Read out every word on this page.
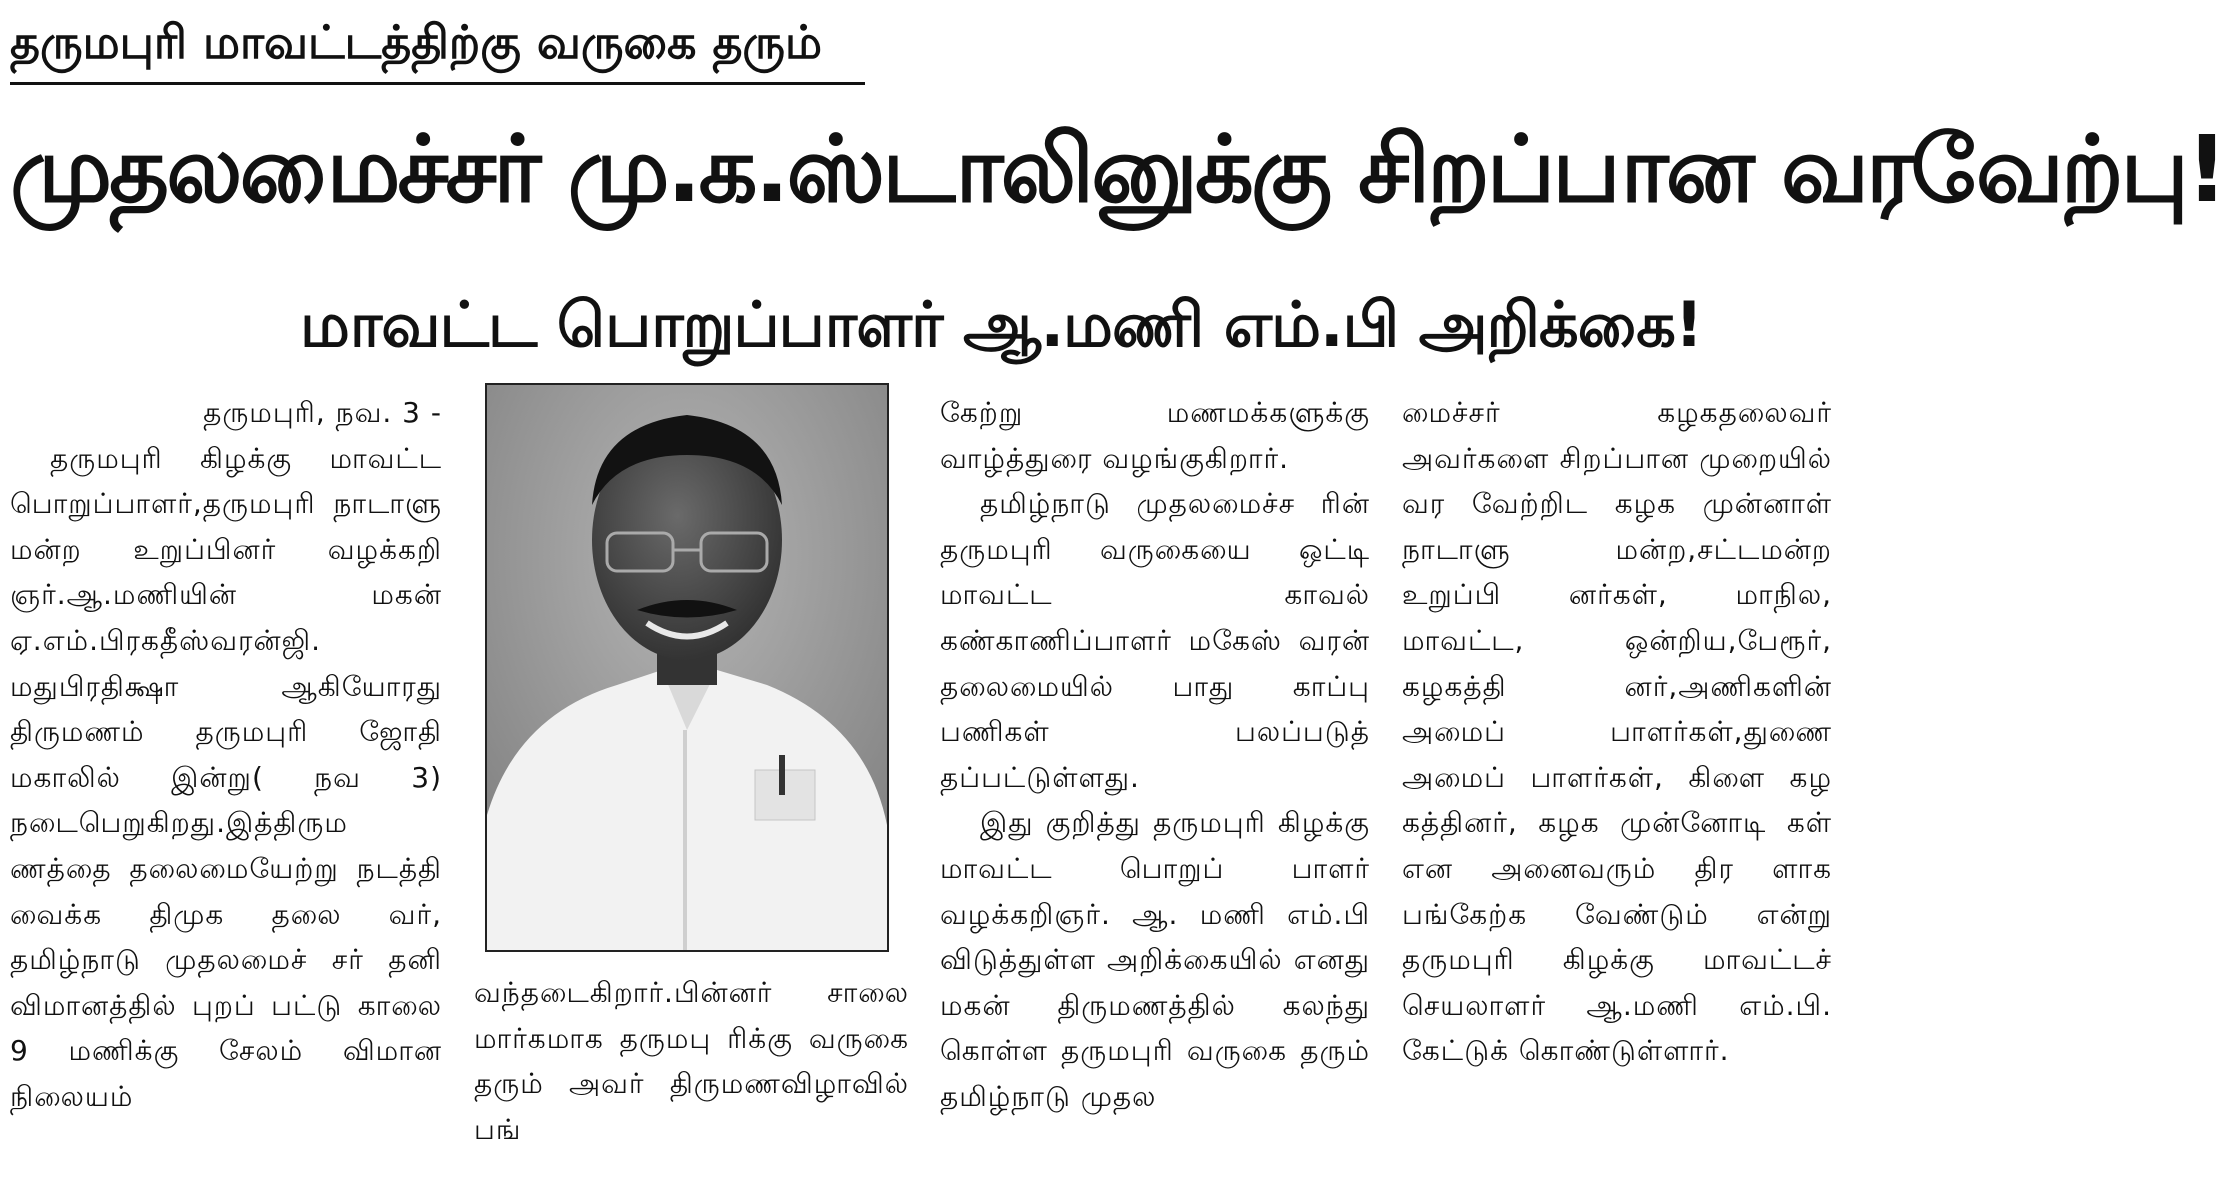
தருமபுரி மாவட்டத்திற்கு வருகை தரும்
முதலமைச்சர் மு.க.ஸ்டாலினுக்கு சிறப்பான வரவேற்பு!
மாவட்ட பொறுப்பாளர் ஆ.மணி எம்.பி அறிக்கை!

தருமபுரி, நவ. 3 -

தருமபுரி கிழக்கு மாவட்ட பொறுப்பாளர்,தருமபுரி நாடாளு மன்ற உறுப்பினர் வழக்கறி ஞர்.ஆ.மணியின் மகன் ஏ.எம்.பிரகதீஸ்வரன்ஜி. மதுபிரதிக்ஷா ஆகியோரது திருமணம் தருமபுரி ஜோதி மகாலில் இன்று( நவ 3) நடைபெறுகிறது.இத்திரும ணத்தை தலைமையேற்று நடத்தி வைக்க திமுக தலை வர், தமிழ்நாடு முதலமைச் சர் தனி விமானத்தில் புறப் பட்டு காலை 9 மணிக்கு சேலம் விமான நிலையம்

வந்தடைகிறார்.பின்னர் சாலை மார்கமாக தருமபு ரிக்கு வருகை தரும் அவர் திருமணவிழாவில் பங்

கேற்று மணமக்களுக்கு வாழ்த்துரை வழங்குகிறார்.

தமிழ்நாடு முதலமைச்ச ரின் தருமபுரி வருகையை ஒட்டி மாவட்ட காவல் கண்காணிப்பாளர் மகேஸ் வரன் தலைமையில் பாது காப்பு பணிகள் பலப்படுத் தப்பட்டுள்ளது.

இது குறித்து தருமபுரி கிழக்கு மாவட்ட பொறுப் பாளர் வழக்கறிஞர். ஆ. மணி எம்.பி விடுத்துள்ள அறிக்கையில் எனது மகன் திருமணத்தில் கலந்து கொள்ள தருமபுரி வருகை தரும் தமிழ்நாடு முதல

மைச்சர் கழகதலைவர் அவர்களை சிறப்பான முறையில் வர வேற்றிட கழக முன்னாள் நாடாளு மன்ற,சட்டமன்ற உறுப்பி னர்கள், மாநில, மாவட்ட, ஒன்றிய,பேரூர், கழகத்தி னர்,அணிகளின் அமைப் பாளர்கள்,துணை அமைப் பாளர்கள், கிளை கழ கத்தினர், கழக முன்னோடி கள் என அனைவரும் திர ளாக பங்கேற்க வேண்டும் என்று தருமபுரி கிழக்கு மாவட்டச் செயலாளர் ஆ.மணி எம்.பி. கேட்டுக் கொண்டுள்ளார்.
